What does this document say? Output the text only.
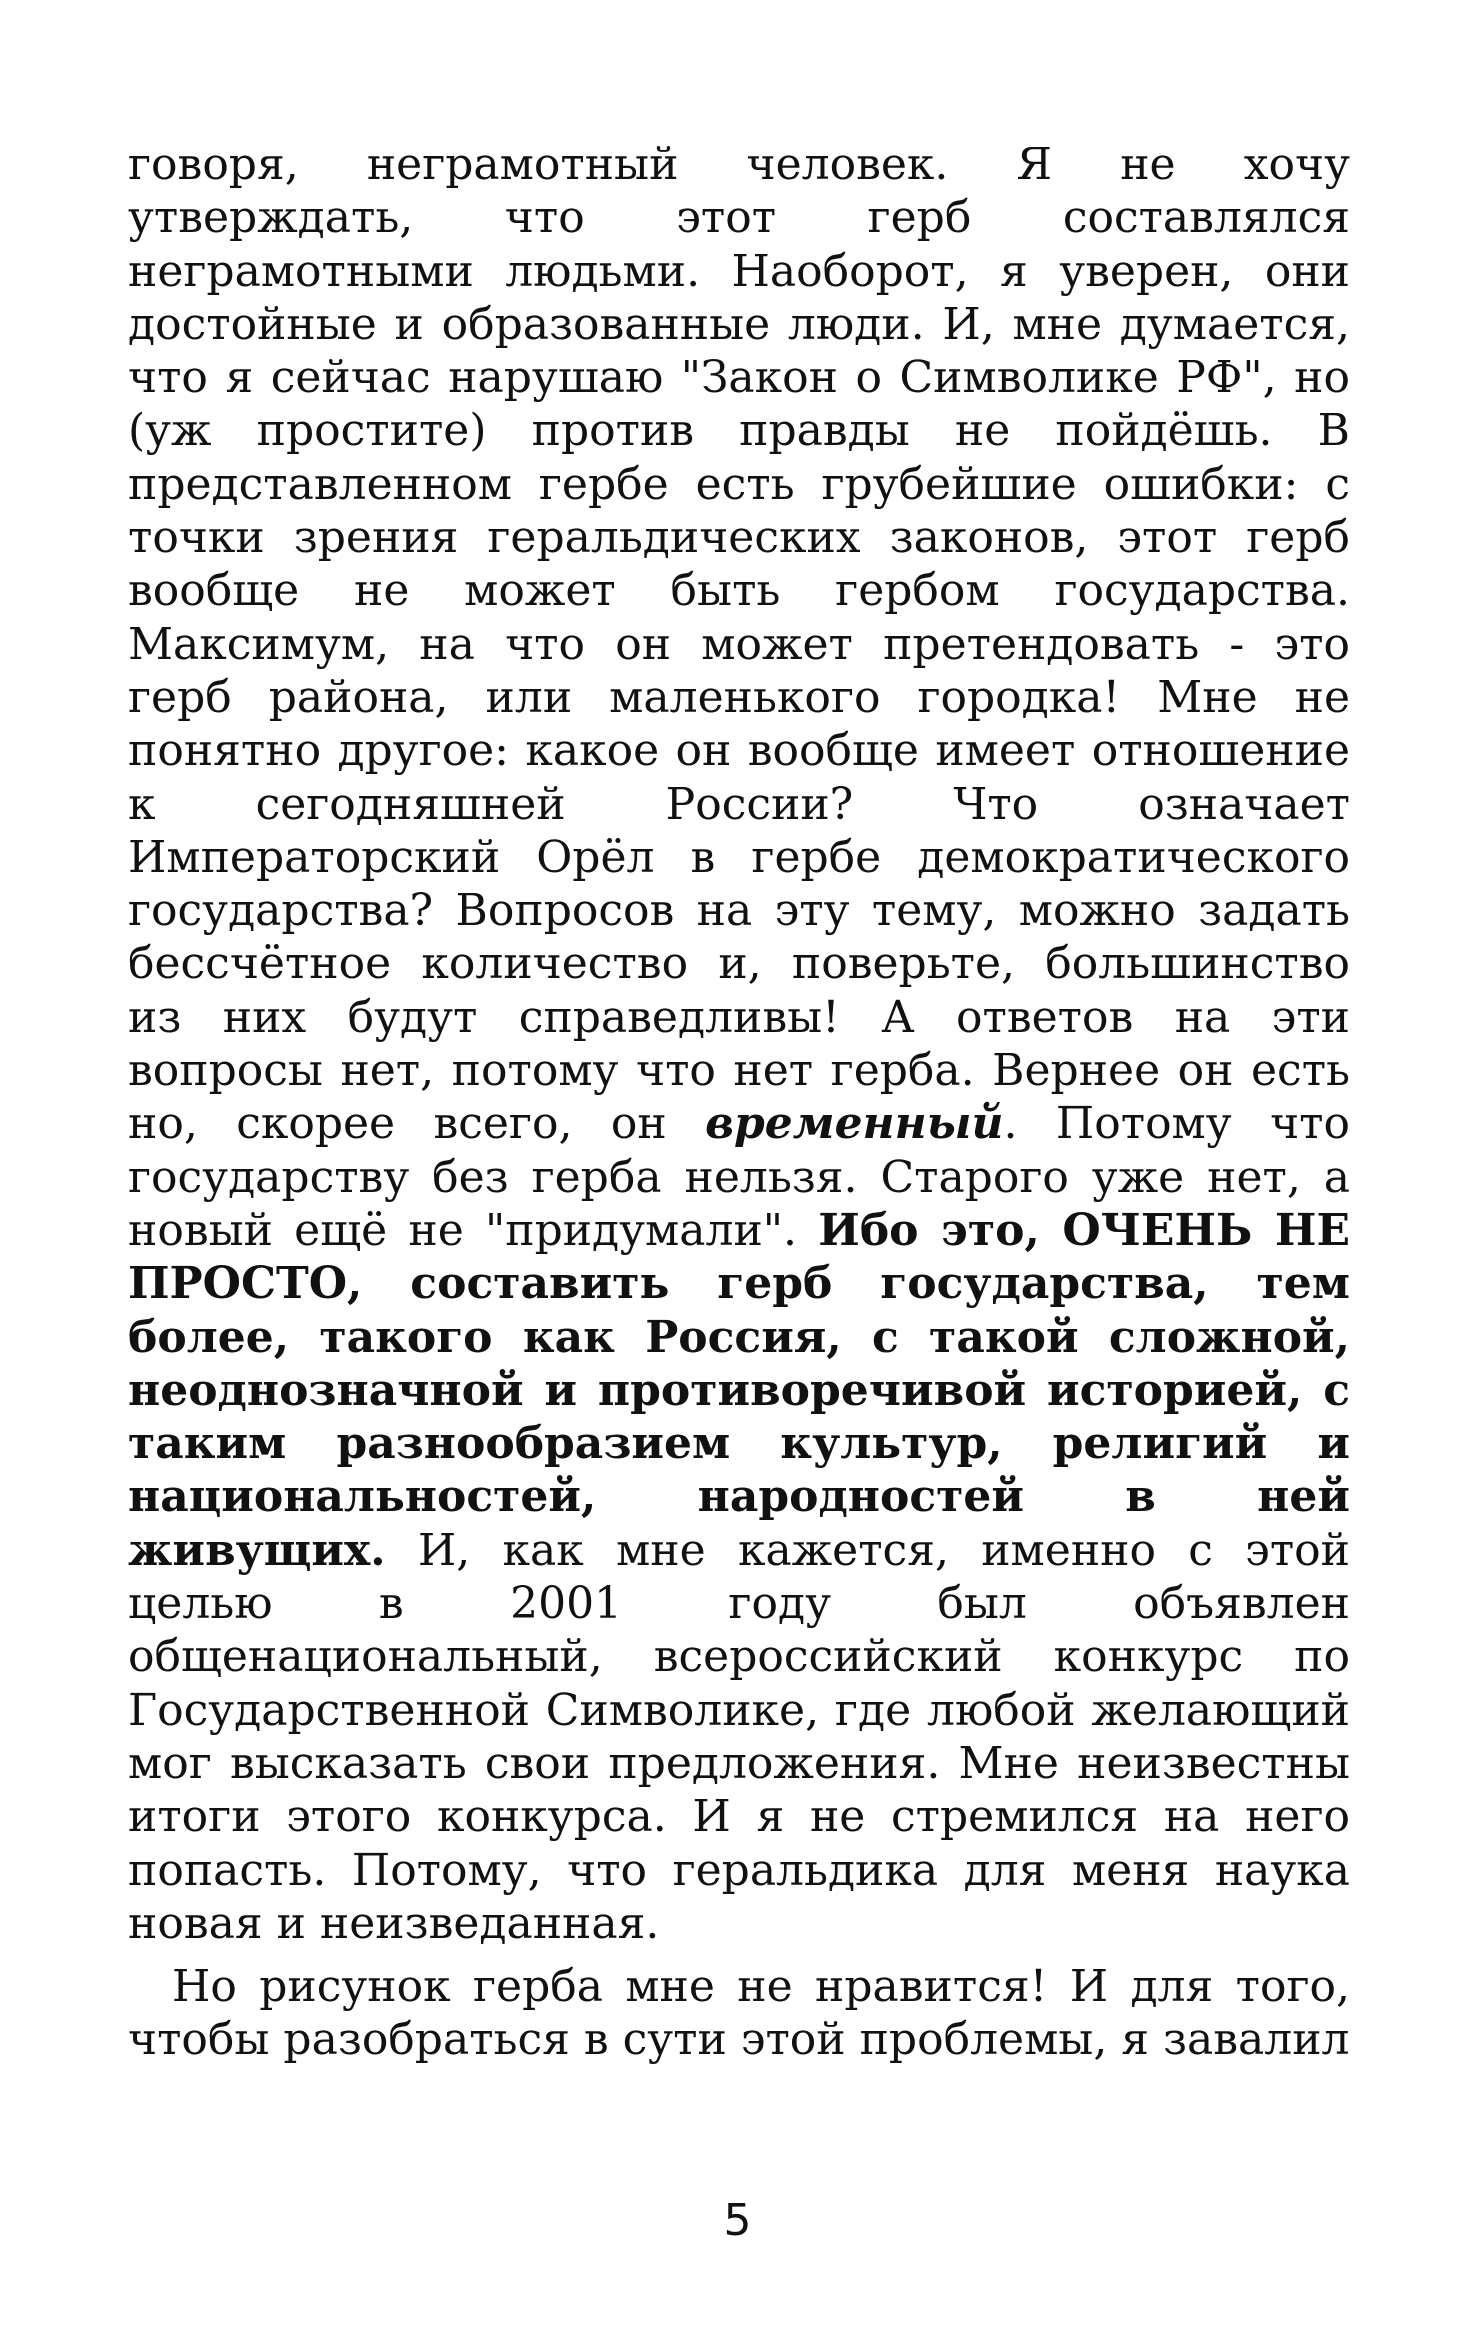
говоря, неграмотный человек. Я не хочу утверждать, что этот герб составлялся неграмотными людьми. Наоборот, я уверен, они достойные и образованные люди. И, мне думается, что я сейчас нарушаю "Закон о Символике РФ", но (уж простите) против правды не пойдёшь. В представленном гербе есть грубейшие ошибки: с точки зрения геральдических законов, этот герб вообще не может быть гербом государства. Максимум, на что он может претендовать - это герб района, или маленького городка! Мне не понятно другое: какое он вообще имеет отношение к сегодняшней России? Что означает Императорский Орёл в гербе демократического государства? Вопросов на эту тему, можно задать бессчётное количество и, поверьте, большинство из них будут справедливы! А ответов на эти вопросы нет, потому что нет герба. Вернее он есть но, скорее всего, он временный. Потому что государству без герба нельзя. Старого уже нет, а новый ещё не "придумали". Ибо это, ОЧЕНЬ НЕ ПРОСТО, составить герб государства, тем более, такого как Россия, с такой сложной, неоднозначной и противоречивой историей, с таким разнообразием культур, религий и национальностей, народностей в ней живущих. И, как мне кажется, именно с этой целью в 2001 году был объявлен общенациональный, всероссийский конкурс по Государственной Символике, где любой желающий мог высказать свои предложения. Мне неизвестны итоги этого конкурса. И я не стремился на него попасть. Потому, что геральдика для меня наука новая и неизведанная.

Но рисунок герба мне не нравится! И для того, чтобы разобраться в сути этой проблемы, я завалил

5
